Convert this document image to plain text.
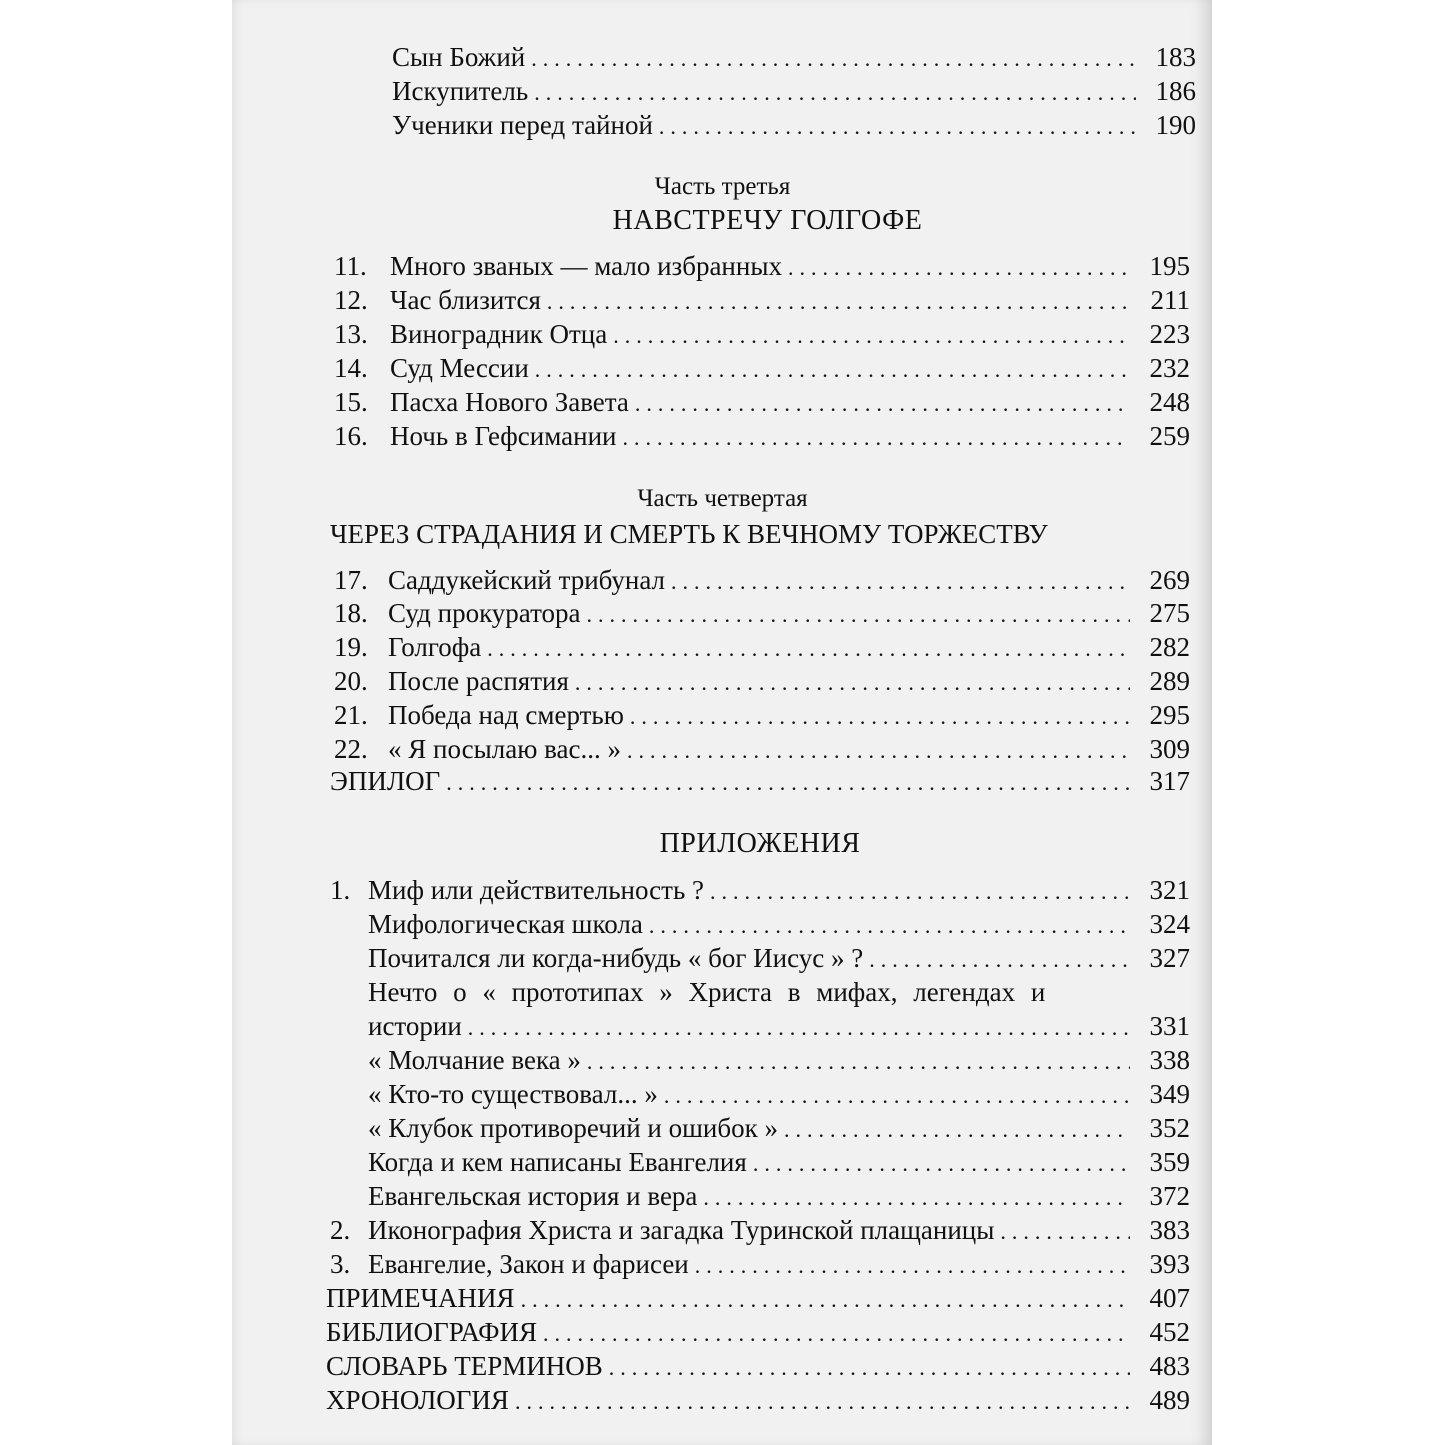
Сын Божий .....	183
Искупитель .....	186
Ученики перед тайной .....	190
Часть третья
НАВСТРЕЧУ ГОЛГОФЕ
11. Много званых — мало избранных .....	195
12. Час близится .....	211
13. Виноградник Отца .....	223
14. Суд Мессии .....	232
15. Пасха Нового Завета .....	248
16. Ночь в Гефсимании .....	259
Часть четвертая
ЧЕРЕЗ СТРАДАНИЯ И СМЕРТЬ К ВЕЧНОМУ ТОРЖЕСТВУ
17. Саддукейский трибунал .....	269
18. Суд прокуратора .....	275
19. Голгофа .....	282
20. После распятия .....	289
21. Победа над смертью .....	295
22. « Я посылаю вас... » .....	309
ЭПИЛОГ .....	317
ПРИЛОЖЕНИЯ
1. Миф или действительность ? .....	321
Мифологическая школа .....	324
Почитался ли когда-нибудь « бог Иисус » ? .....	327
Нечто о « прототипах » Христа в мифах, легендах и
истории .....	331
« Молчание века » .....	338
« Кто-то существовал... » .....	349
« Клубок противоречий и ошибок » .....	352
Когда и кем написаны Евангелия .....	359
Евангельская история и вера .....	372
2. Иконография Христа и загадка Туринской плащаницы .....	383
3. Евангелие, Закон и фарисеи .....	393
ПРИМЕЧАНИЯ .....	407
БИБЛИОГРАФИЯ .....	452
СЛОВАРЬ ТЕРМИНОВ .....	483
ХРОНОЛОГИЯ .....	489
